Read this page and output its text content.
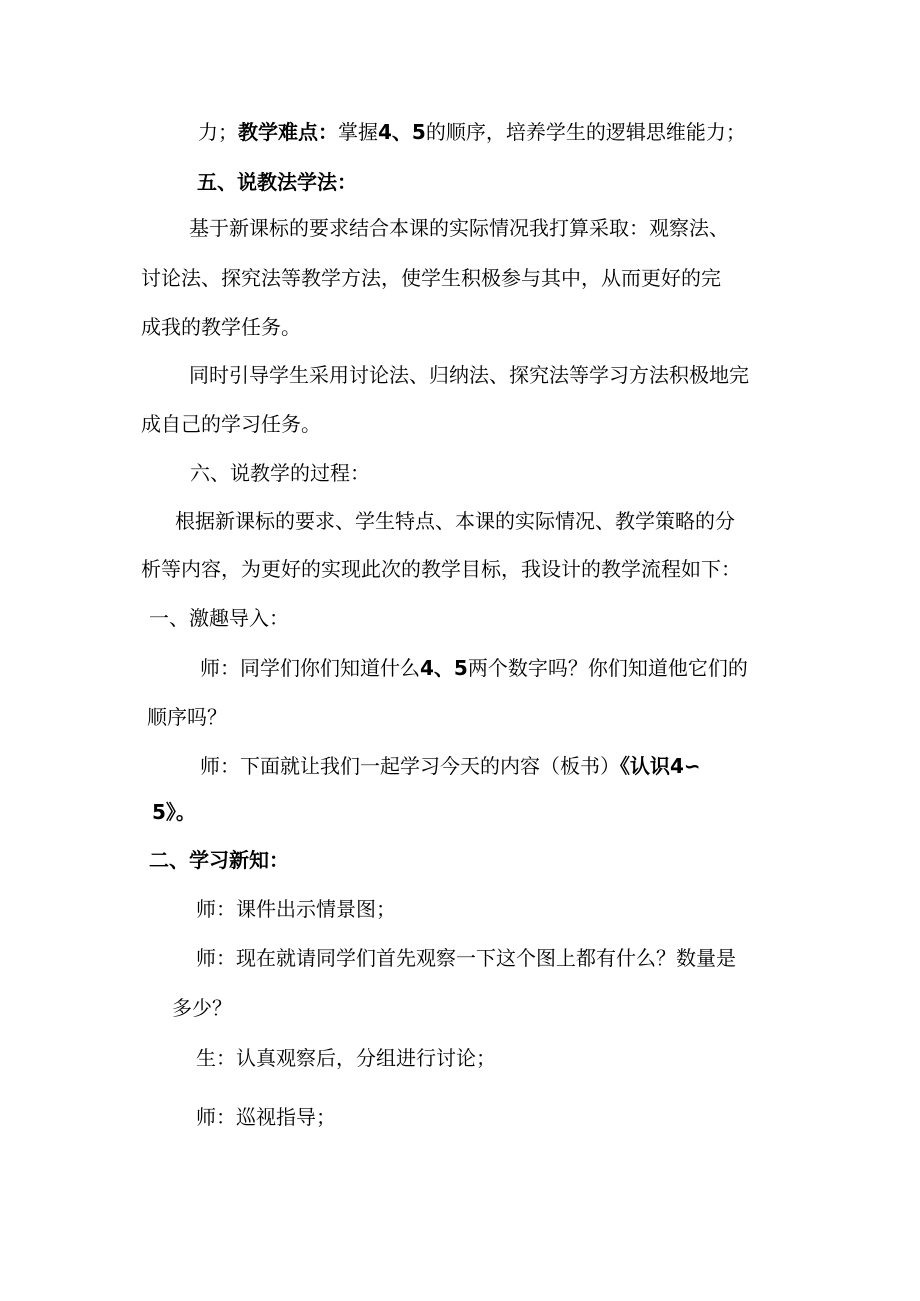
力；教学难点：掌握4、5的顺序，培养学生的逻辑思维能力；
五、说教法学法：
基于新课标的要求结合本课的实际情况我打算采取：观察法、
讨论法、探究法等教学方法，使学生积极参与其中，从而更好的完
成我的教学任务。
同时引导学生采用讨论法、归纳法、探究法等学习方法积极地完
成自己的学习任务。
六、说教学的过程：
根据新课标的要求、学生特点、本课的实际情况、教学策略的分
析等内容，为更好的实现此次的教学目标，我设计的教学流程如下：
一、激趣导入：
师：同学们你们知道什么4、5两个数字吗？你们知道他它们的
顺序吗？
师：下面就让我们一起学习今天的内容（板书）《认识4∽
5》。
二、学习新知：
师：课件出示情景图；
师：现在就请同学们首先观察一下这个图上都有什么？数量是
多少？
生：认真观察后，分组进行讨论；
师：巡视指导；
